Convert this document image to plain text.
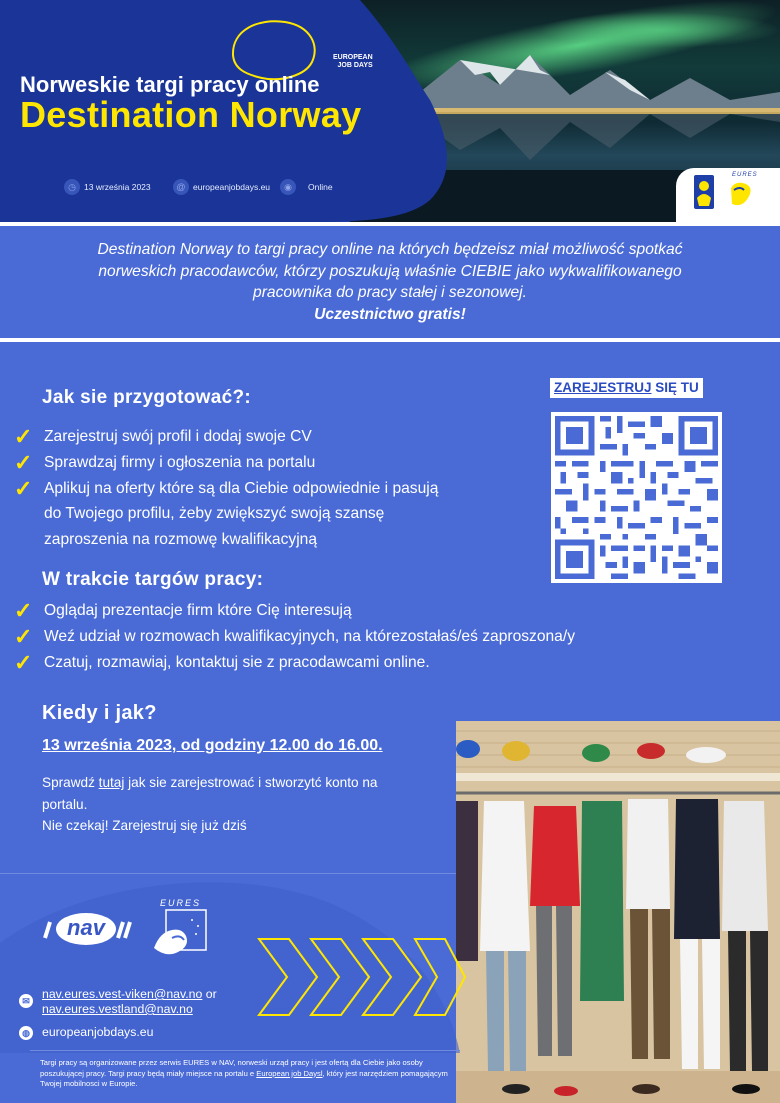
EUROPEAN
JOB DAYS
Norweskie targi pracy online
Destination Norway
◷ 13 września 2023	@ europeanjobdays.eu	◉	Online
EURES

Destination Norway to targi pracy online na których będzeisz miał możliwość spotkać

norweskich pracodawców, którzy poszukują właśnie CIEBIE jako wykwalifikowanego

pracownika do pracy stałej i sezonowej.

Uczestnictwo gratis!

Jak sie przygotować?:
✓ Zarejestruj swój profil i dodaj swoje CV
✓ Sprawdzaj firmy i ogłoszenia na portalu
✓ Aplikuj na oferty które są dla Ciebie odpowiednie i pasują
do Twojego profilu, żeby zwiększyć swoją szansę
zaproszenia na rozmowę kwalifikacyjną
ZAREJESTRUJ SIĘ TU
W trakcie targów pracy:
✓ Oglądaj prezentacje firm które Cię interesują
✓ Weź udział w rozmowach kwalifikacyjnych, na którezostałaś/eś zaproszona/y
✓ Czatuj, rozmawiaj, kontaktuj sie z pracodawcami online.
Kiedy i jak?
13 września 2023, od godziny 12.00 do 16.00.
Sprawdź tutaj jak sie zarejestrować i stworzytć konto na
portalu.
Nie czekaj! Zarejestruj się już dziś
nav
EURES
✉ nav.eures.vest-viken@nav.no or
nav.eures.vestland@nav.no
◍ europeanjobdays.eu
Targi pracy są organizowane przez serwis EURES w NAV, norweski urząd pracy i jest ofertą dla Ciebie jako osoby poszukującej pracy. Targi pracy będą miały miejsce na portalu e European job Daysl, który jest narzędziem pomagającym Twojej mobilnosci w Europie.
